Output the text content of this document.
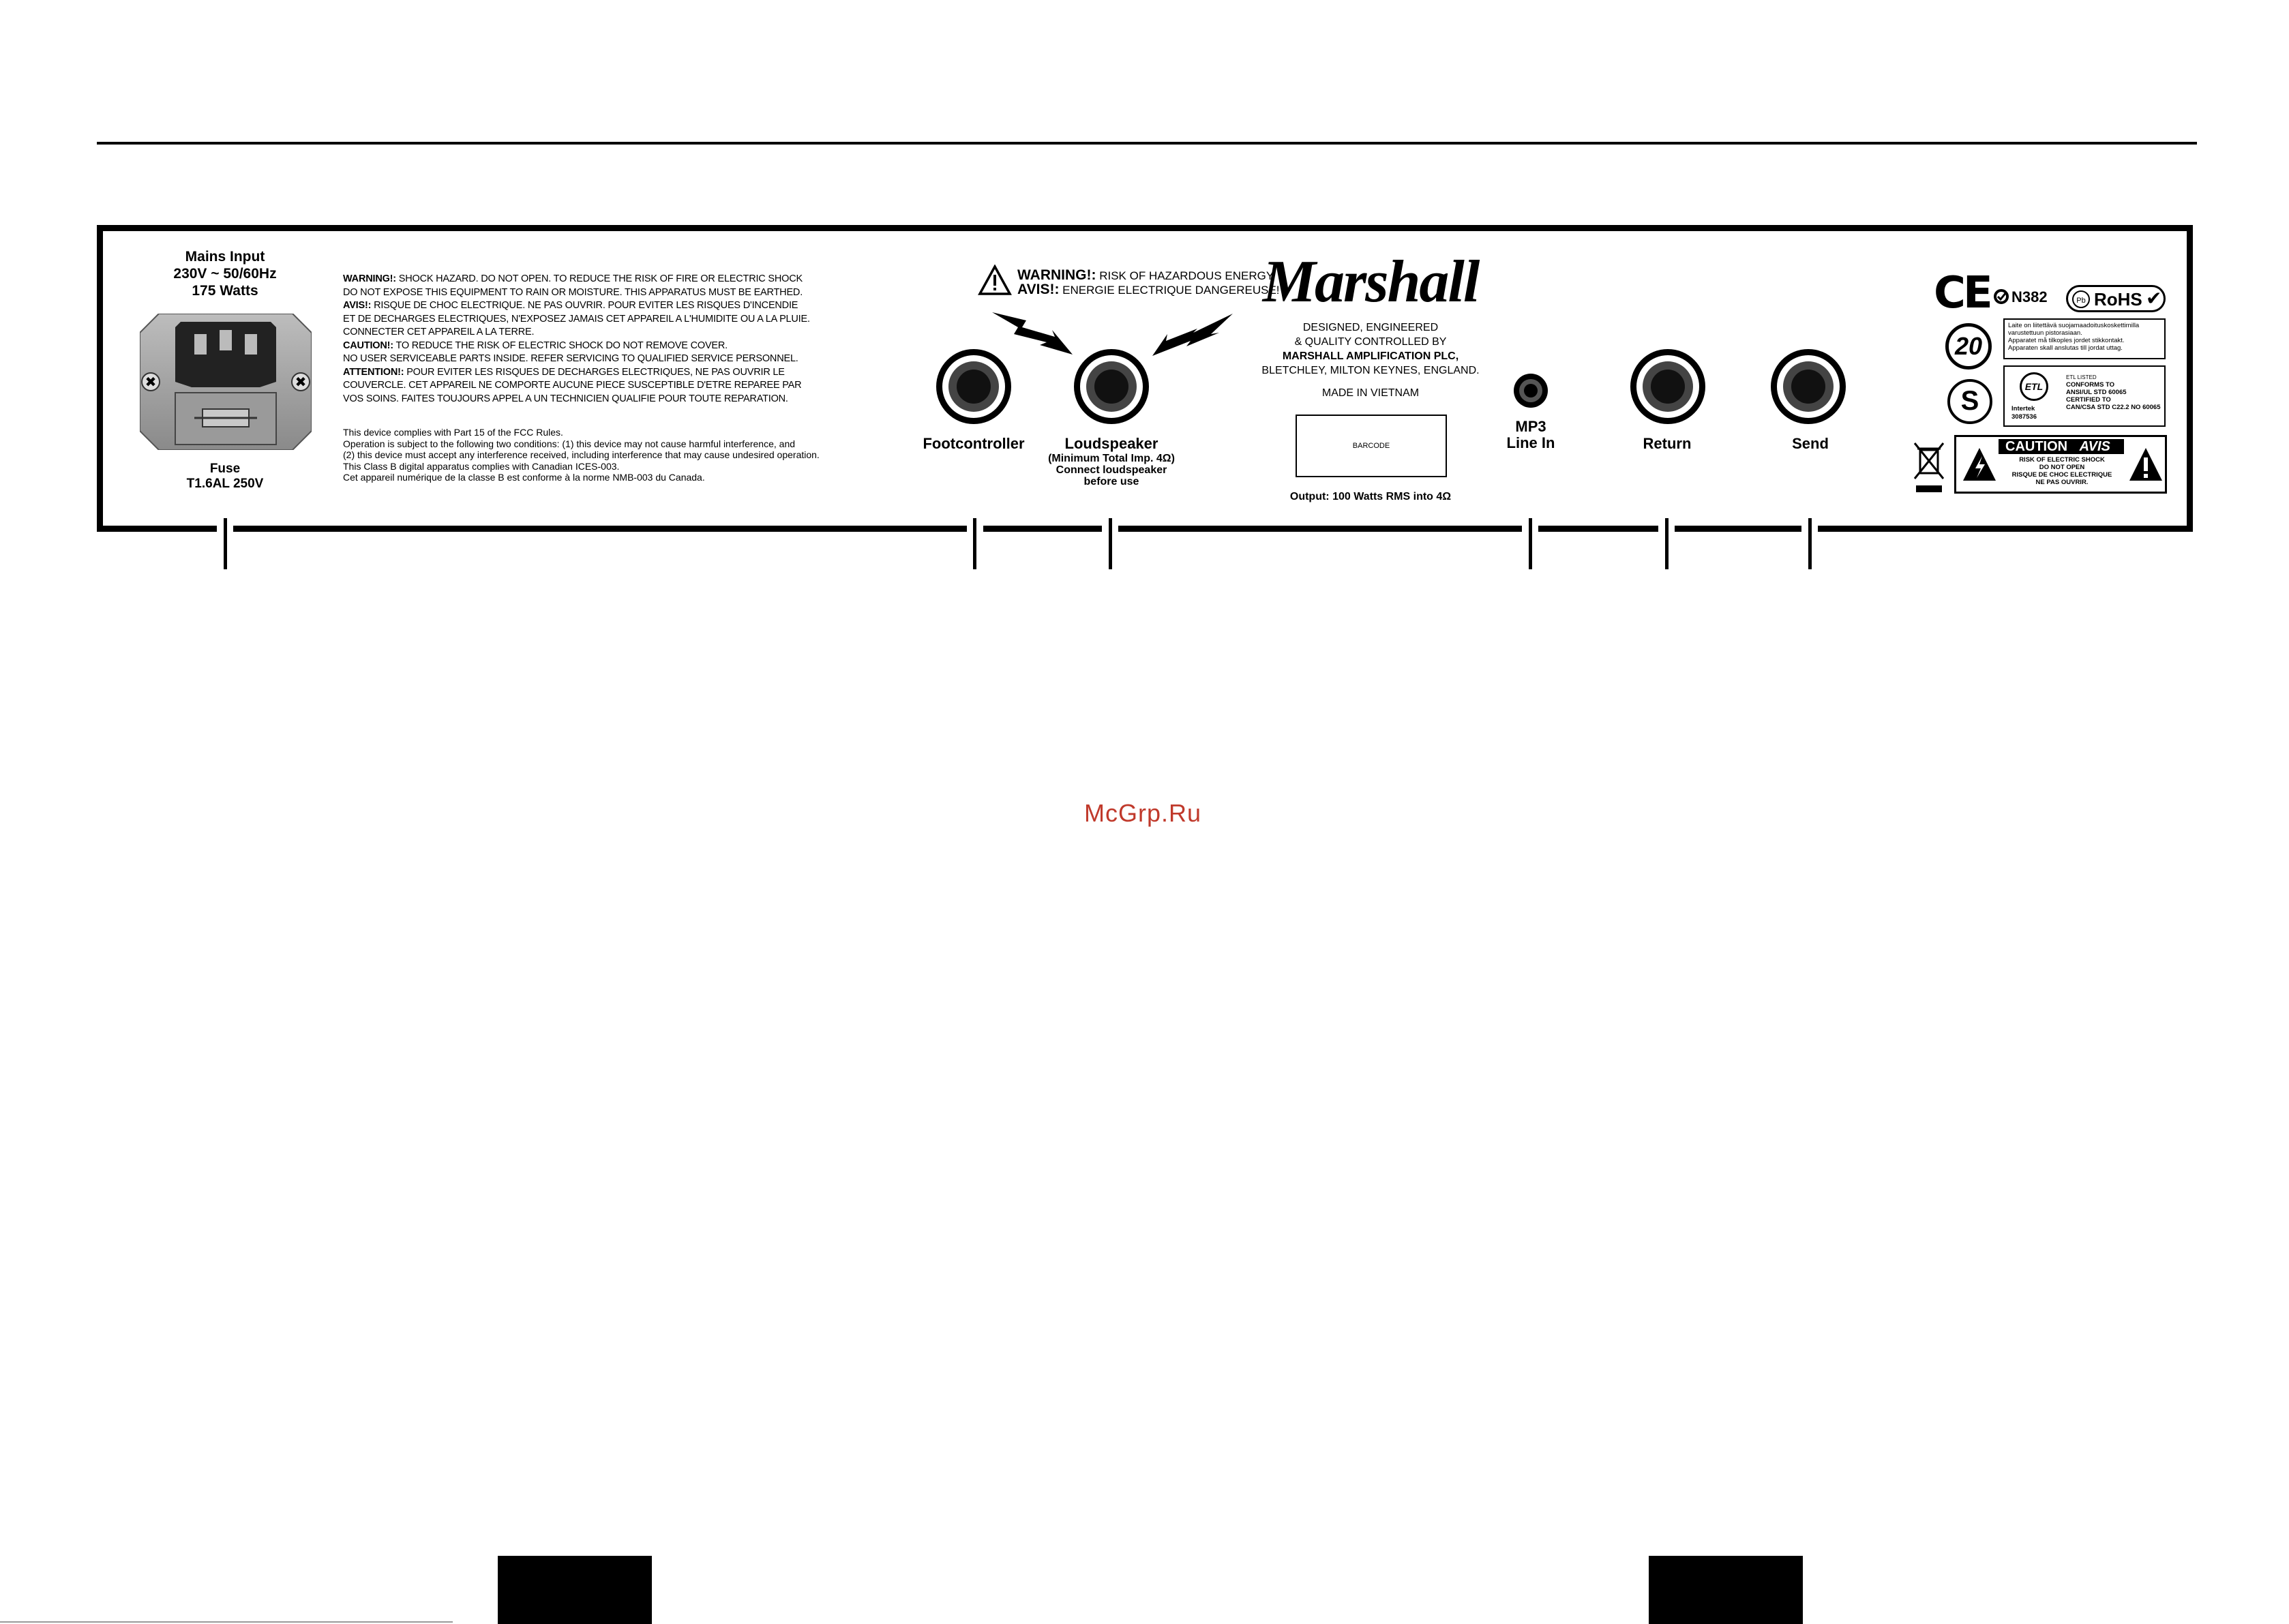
Mains Input
230V ~ 50/60Hz
175 Watts
✖	✖
Fuse
T1.6AL 250V
WARNING!: SHOCK HAZARD. DO NOT OPEN. TO REDUCE THE RISK OF FIRE OR ELECTRIC SHOCK
DO NOT EXPOSE THIS EQUIPMENT TO RAIN OR MOISTURE. THIS APPARATUS MUST BE EARTHED.
AVIS!: RISQUE DE CHOC ELECTRIQUE. NE PAS OUVRIR. POUR EVITER LES RISQUES D'INCENDIE
ET DE DECHARGES ELECTRIQUES, N'EXPOSEZ JAMAIS CET APPAREIL A L'HUMIDITE OU A LA PLUIE.
CONNECTER CET APPAREIL A LA TERRE.
CAUTION!: TO REDUCE THE RISK OF ELECTRIC SHOCK DO NOT REMOVE COVER.
NO USER SERVICEABLE PARTS INSIDE. REFER SERVICING TO QUALIFIED SERVICE PERSONNEL.
ATTENTION!: POUR EVITER LES RISQUES DE DECHARGES ELECTRIQUES, NE PAS OUVRIR LE
COUVERCLE. CET APPAREIL NE COMPORTE AUCUNE PIECE SUSCEPTIBLE D'ETRE REPAREE PAR
VOS SOINS. FAITES TOUJOURS APPEL A UN TECHNICIEN QUALIFIE POUR TOUTE REPARATION.
This device complies with Part 15 of the FCC Rules.
Operation is subject to the following two conditions: (1) this device may not cause harmful interference, and
(2) this device must accept any interference received, including interference that may cause undesired operation.
This Class B digital apparatus complies with Canadian ICES-003.
Cet appareil numérique de la classe B est conforme à la norme NMB-003 du Canada.
WARNING!: RISK OF HAZARDOUS ENERGY
AVIS!: ENERGIE ELECTRIQUE DANGEREUSE!
Footcontroller	Loudspeaker
(Minimum Total Imp. 4Ω)
Connect loudspeaker
before use
Marshall
DESIGNED, ENGINEERED
& QUALITY CONTROLLED BY
MARSHALL AMPLIFICATION PLC,
BLETCHLEY, MILTON KEYNES, ENGLAND.
MADE IN VIETNAM
BARCODE
Output: 100 Watts RMS into 4Ω
MP3
Line In	Return	Send
CE N382	Pb RoHS ✔
20
Laite on liitettävä suojamaadoituskoskettimilla
varustettuun pistorasiaan.
Apparatet må tilkoples jordet stikkontakt.
Apparaten skall anslutas till jordat uttag.
S	ETL
Intertek
3087536
ETL LISTED
CONFORMS TO
ANSI/UL STD 60065
CERTIFIED TO
CAN/CSA STD C22.2 NO 60065
CAUTION AVIS
RISK OF ELECTRIC SHOCK
DO NOT OPEN
RISQUE DE CHOC ELECTRIQUE
NE PAS OUVRIR.
McGrp.Ru
